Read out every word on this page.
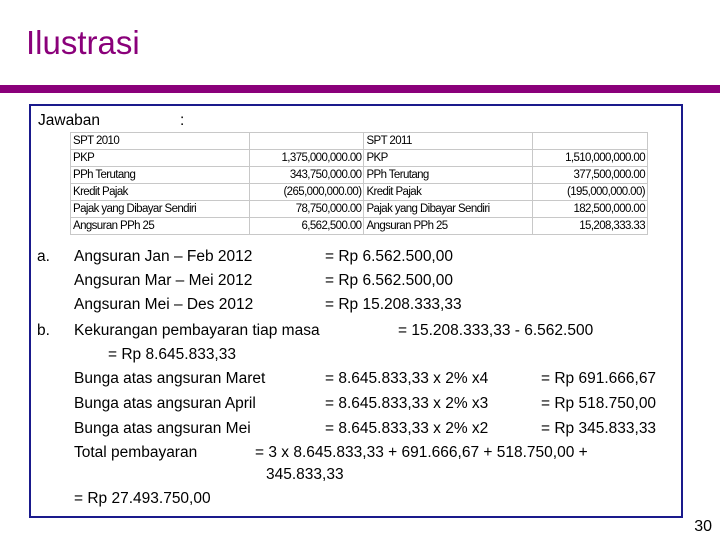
Ilustrasi
Jawaban	:
SPT 2010		SPT 2011	
PKP	1,375,000,000.00	PKP	1,510,000,000.00
PPh Terutang	343,750,000.00	PPh Terutang	377,500,000.00
Kredit Pajak	(265,000,000.00)	Kredit Pajak	(195,000,000.00)
Pajak yang Dibayar Sendiri	78,750,000.00	Pajak yang Dibayar Sendiri	182,500,000.00
Angsuran PPh 25	6,562,500.00	Angsuran PPh 25	15,208,333.33
a. Angsuran Jan – Feb 2012	= Rp 6.562.500,00
Angsuran Mar – Mei 2012	= Rp 6.562.500,00
Angsuran Mei – Des 2012	= Rp 15.208.333,33
b. Kekurangan pembayaran tiap masa	= 15.208.333,33 - 6.562.500
= Rp 8.645.833,33
Bunga atas angsuran Maret	= 8.645.833,33 x 2% x4	= Rp 691.666,67
Bunga atas angsuran April	= 8.645.833,33 x 2% x3	= Rp 518.750,00
Bunga atas angsuran Mei	= 8.645.833,33 x 2% x2	= Rp 345.833,33
Total pembayaran	= 3 x 8.645.833,33 + 691.666,67 + 518.750,00 +
345.833,33
= Rp 27.493.750,00
30
